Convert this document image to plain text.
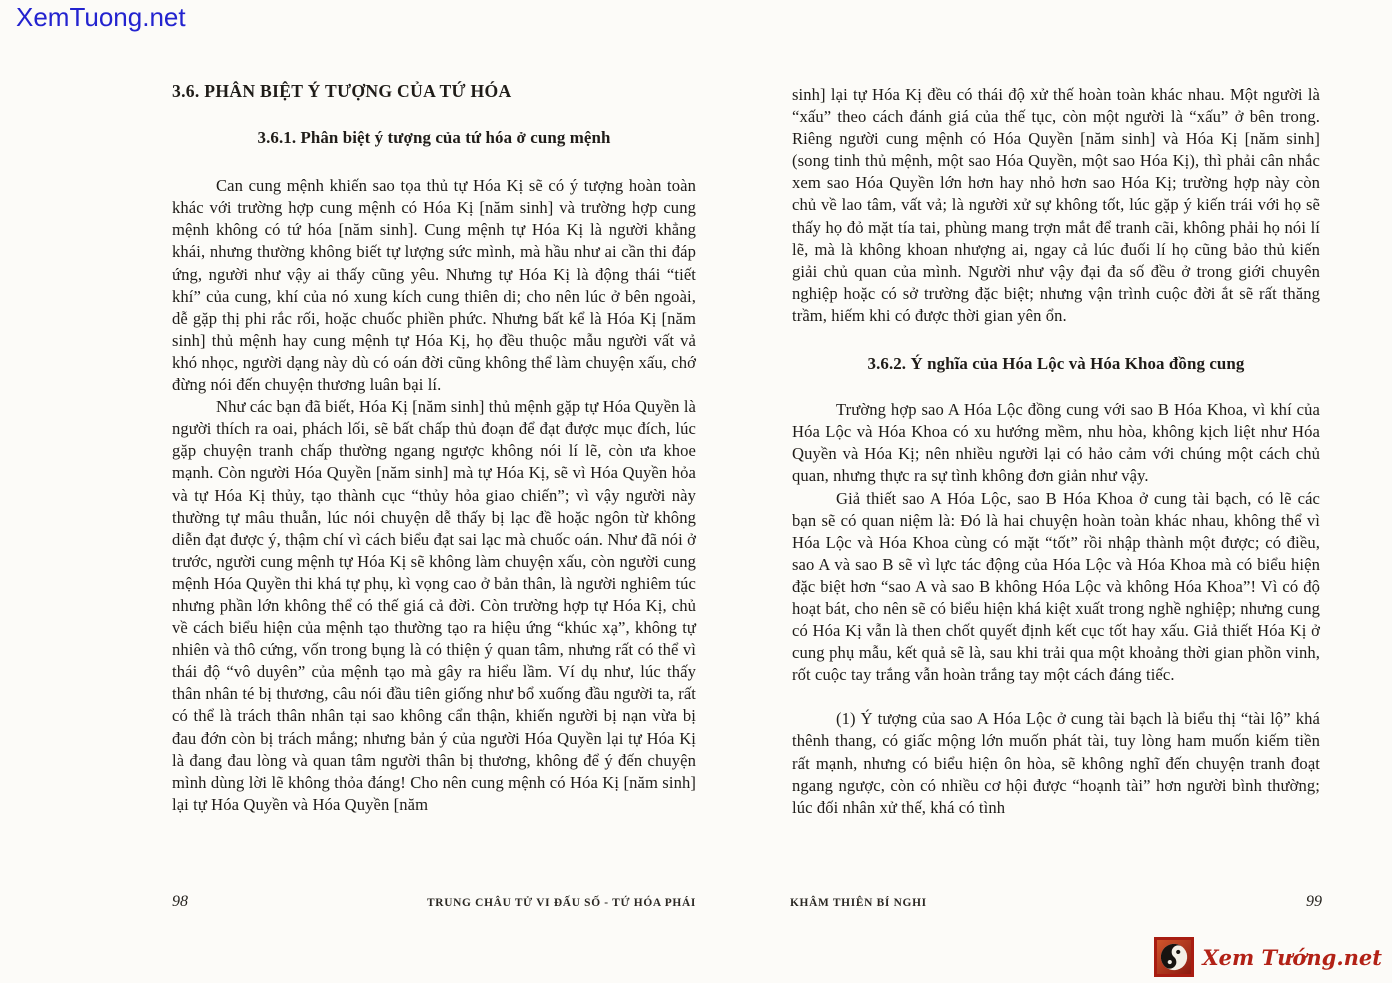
XemTuong.net
3.6. PHÂN BIỆT Ý TƯỢNG CỦA TỨ HÓA
3.6.1. Phân biệt ý tượng của tứ hóa ở cung mệnh

Can cung mệnh khiến sao tọa thủ tự Hóa Kị sẽ có ý tượng hoàn toàn khác với trường hợp cung mệnh có Hóa Kị [năm sinh] và trường hợp cung mệnh không có tứ hóa [năm sinh]. Cung mệnh tự Hóa Kị là người khẳng khái, nhưng thường không biết tự lượng sức mình, mà hầu như ai cần thi đáp ứng, người như vậy ai thấy cũng yêu. Nhưng tự Hóa Kị là động thái “tiết khí” của cung, khí của nó xung kích cung thiên di; cho nên lúc ở bên ngoài, dễ gặp thị phi rắc rối, hoặc chuốc phiền phức. Nhưng bất kể là Hóa Kị [năm sinh] thủ mệnh hay cung mệnh tự Hóa Kị, họ đều thuộc mẫu người vất vả khó nhọc, người dạng này dù có oán đời cũng không thể làm chuyện xấu, chớ đừng nói đến chuyện thương luân bại lí.

Như các bạn đã biết, Hóa Kị [năm sinh] thủ mệnh gặp tự Hóa Quyền là người thích ra oai, phách lối, sẽ bất chấp thủ đoạn để đạt được mục đích, lúc gặp chuyện tranh chấp thường ngang ngược không nói lí lẽ, còn ưa khoe mạnh. Còn người Hóa Quyền [năm sinh] mà tự Hóa Kị, sẽ vì Hóa Quyền hỏa và tự Hóa Kị thủy, tạo thành cục “thủy hỏa giao chiến”; vì vậy người này thường tự mâu thuẫn, lúc nói chuyện dễ thấy bị lạc đề hoặc ngôn từ không diễn đạt được ý, thậm chí vì cách biểu đạt sai lạc mà chuốc oán. Như đã nói ở trước, người cung mệnh tự Hóa Kị sẽ không làm chuyện xấu, còn người cung mệnh Hóa Quyền thi khá tự phụ, kì vọng cao ở bản thân, là người nghiêm túc nhưng phần lớn không thể có thế giá cả đời. Còn trường hợp tự Hóa Kị, chủ về cách biểu hiện của mệnh tạo thường tạo ra hiệu ứng “khúc xạ”, không tự nhiên và thô cứng, vốn trong bụng là có thiện ý quan tâm, nhưng rất có thể vì thái độ “vô duyên” của mệnh tạo mà gây ra hiểu lầm. Ví dụ như, lúc thấy thân nhân té bị thương, câu nói đầu tiên giống như bổ xuống đầu người ta, rất có thể là trách thân nhân tại sao không cẩn thận, khiến người bị nạn vừa bị đau đớn còn bị trách mắng; nhưng bản ý của người Hóa Quyền lại tự Hóa Kị là đang đau lòng và quan tâm người thân bị thương, không để ý đến chuyện mình dùng lời lẽ không thỏa đáng! Cho nên cung mệnh có Hóa Kị [năm sinh] lại tự Hóa Quyền và Hóa Quyền [năm

sinh] lại tự Hóa Kị đều có thái độ xử thế hoàn toàn khác nhau. Một người là “xấu” theo cách đánh giá của thế tục, còn một người là “xấu” ở bên trong. Riêng người cung mệnh có Hóa Quyền [năm sinh] và Hóa Kị [năm sinh] (song tinh thủ mệnh, một sao Hóa Quyền, một sao Hóa Kị), thì phải cân nhắc xem sao Hóa Quyền lớn hơn hay nhỏ hơn sao Hóa Kị; trường hợp này còn chủ về lao tâm, vất vả; là người xử sự không tốt, lúc gặp ý kiến trái với họ sẽ thấy họ đỏ mặt tía tai, phùng mang trợn mắt để tranh cãi, không phải họ nói lí lẽ, mà là không khoan nhượng ai, ngay cả lúc đuối lí họ cũng bảo thủ kiến giải chủ quan của mình. Người như vậy đại đa số đều ở trong giới chuyên nghiệp hoặc có sở trường đặc biệt; nhưng vận trình cuộc đời ắt sẽ rất thăng trầm, hiếm khi có được thời gian yên ổn.

3.6.2. Ý nghĩa của Hóa Lộc và Hóa Khoa đồng cung

Trường hợp sao A Hóa Lộc đồng cung với sao B Hóa Khoa, vì khí của Hóa Lộc và Hóa Khoa có xu hướng mềm, nhu hòa, không kịch liệt như Hóa Quyền và Hóa Kị; nên nhiều người lại có hảo cảm với chúng một cách chủ quan, nhưng thực ra sự tình không đơn giản như vậy.

Giả thiết sao A Hóa Lộc, sao B Hóa Khoa ở cung tài bạch, có lẽ các bạn sẽ có quan niệm là: Đó là hai chuyện hoàn toàn khác nhau, không thể vì Hóa Lộc và Hóa Khoa cùng có mặt “tốt” rồi nhập thành một được; có điều, sao A và sao B sẽ vì lực tác động của Hóa Lộc và Hóa Khoa mà có biểu hiện đặc biệt hơn “sao A và sao B không Hóa Lộc và không Hóa Khoa”! Vì có độ hoạt bát, cho nên sẽ có biểu hiện khá kiệt xuất trong nghề nghiệp; nhưng cung có Hóa Kị vẫn là then chốt quyết định kết cục tốt hay xấu. Giả thiết Hóa Kị ở cung phụ mẫu, kết quả sẽ là, sau khi trải qua một khoảng thời gian phồn vinh, rốt cuộc tay trắng vẫn hoàn trắng tay một cách đáng tiếc.

(1) Ý tượng của sao A Hóa Lộc ở cung tài bạch là biểu thị “tài lộ” khá thênh thang, có giấc mộng lớn muốn phát tài, tuy lòng ham muốn kiếm tiền rất mạnh, nhưng có biểu hiện ôn hòa, sẽ không nghĩ đến chuyện tranh đoạt ngang ngược, còn có nhiều cơ hội được “hoạnh tài” hơn người bình thường; lúc đối nhân xử thế, khá có tình

98	TRUNG CHÂU TỬ VI ĐẤU SỐ - TỨ HÓA PHÁI	KHÂM THIÊN BÍ NGHI	99
Xem Tướng.net
